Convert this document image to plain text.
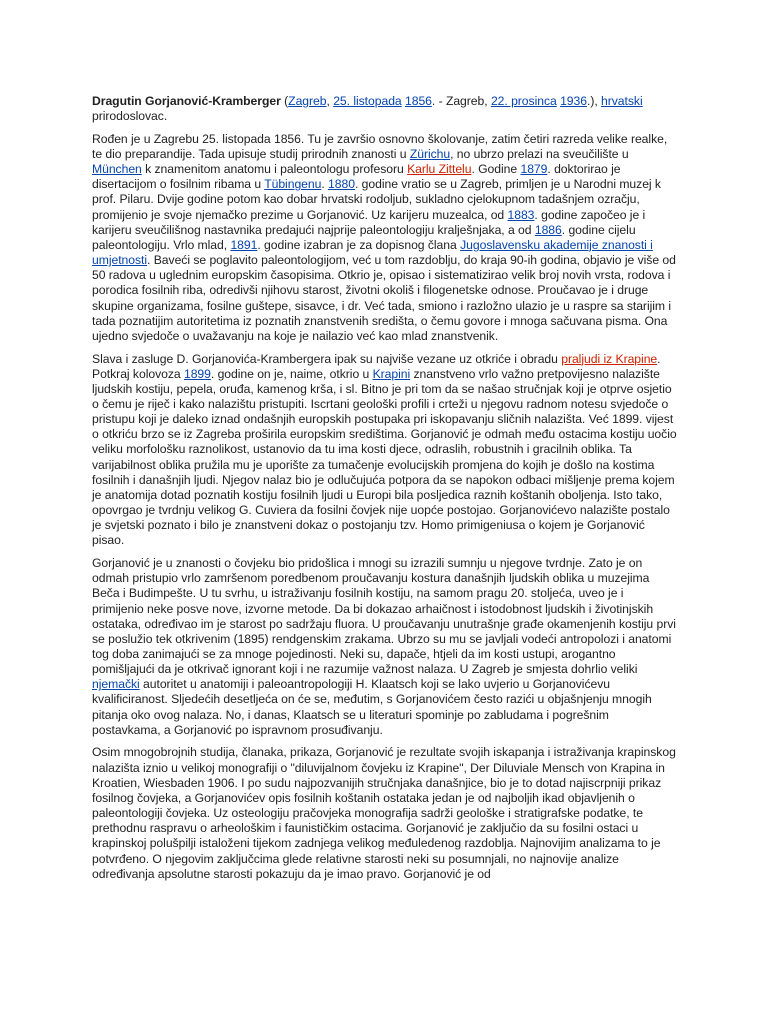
Dragutin Gorjanović-Kramberger (Zagreb, 25. listopada 1856. - Zagreb, 22. prosinca 1936.), hrvatski prirodoslovac.

Rođen je u Zagrebu 25. listopada 1856. Tu je završio osnovno školovanje, zatim četiri razreda velike realke, te dio preparandije. Tada upisuje studij prirodnih znanosti u Zürichu, no ubrzo prelazi na sveučilište u München k znamenitom anatomu i paleontologu profesoru Karlu Zittelu. Godine 1879. doktorirao je disertacijom o fosilnim ribama u Tübingenu. 1880. godine vratio se u Zagreb, primljen je u Narodni muzej k prof. Pilaru. Dvije godine potom kao dobar hrvatski rodoljub, sukladno cjelokupnom tadašnjem ozračju, promijenio je svoje njemačko prezime u Gorjanović. Uz karijeru muzealca, od 1883. godine započeo je i karijeru sveučilišnog nastavnika predajući najprije paleontologiju kralješnjaka, a od 1886. godine cijelu paleontologiju. Vrlo mlad, 1891. godine izabran je za dopisnog člana Jugoslavensku akademije znanosti i umjetnosti. Baveći se poglavito paleontologijom, već u tom razdoblju, do kraja 90-ih godina, objavio je više od 50 radova u uglednim europskim časopisima. Otkrio je, opisao i sistematizirao velik broj novih vrsta, rodova i porodica fosilnih riba, odredivši njihovu starost, životni okoliš i filogenetske odnose. Proučavao je i druge skupine organizama, fosilne gušteре, sisavce, i dr. Već tada, smiono i razložno ulazio je u rasprе sa starijim i tada poznatijim autoritetima iz poznatih znanstvenih središta, o čemu govore i mnoga sačuvana pisma. Ona ujedno svjedoče o uvažavanju na koje je nailazio već kao mlad znanstvenik.

Slava i zasluge D. Gorjanovića-Krambergera ipak su najviše vezane uz otkriće i obradu praljudi iz Krapine. Potkraj kolovoza 1899. godine on je, naime, otkrio u Krapini znanstveno vrlo važno pretpovijesno nalazište ljudskih kostiju, pepela, oruđa, kamenog krša, i sl. Bitno je pri tom da se našao stručnjak koji je otprve osjetio o čemu je riječ i kako nalazištu pristupiti. Iscrtani geološki profili i crteži u njegovu radnom notesu svjedoče o pristupu koji je daleko iznad ondašnjih europskih postupaka pri iskopavanju sličnih nalazišta. Već 1899. vijest o otkriću brzo se iz Zagreba proširila europskim središtima. Gorjanović je odmah među ostacima kostiju uočio veliku morfološku raznolikost, ustanovio da tu ima kosti djece, odraslih, robustnih i gracilnih oblika. Ta varijabilnost oblika pružila mu je uporište za tumačenje evolucijskih promjena do kojih je došlo na kostima fosilnih i današnjih ljudi. Njegov nalaz bio je odlučujuća potpora da se napokon odbaci mišljenje prema kojem je anatomija dotad poznatih kostiju fosilnih ljudi u Europi bila posljedica raznih koštanih oboljenja. Isto tako, opovrgao je tvrdnju velikog G. Cuviera da fosilni čovjek nije uopće postojao. Gorjanovićevo nalazište postalo je svjetski poznato i bilo je znanstveni dokaz o postojanju tzv. Homo primigeniusa o kojem je Gorjanović pisao.

Gorjanović je u znanosti o čovjeku bio pridošlica i mnogi su izrazili sumnju u njegove tvrdnje. Zato je on odmah pristupio vrlo zamršenom poredbenom proučavanju kostura današnjih ljudskih oblika u muzejima Beča i Budimpešte. U tu svrhu, u istraživanju fosilnih kostiju, na samom pragu 20. stoljeća, uveo je i primijenio neke posve nove, izvorne metode. Da bi dokazao arhaičnost i istodobnost ljudskih i životinjskih ostataka, određivao im je starost po sadržaju fluora. U proučavanju unutrašnje građe okamenjenih kostiju prvi se poslužio tek otkrivenim (1895) rendgenskim zrakama. Ubrzo su mu se javljali vodeći antropolozi i anatomi tog doba zanimajući se za mnoge pojedinosti. Neki su, dapače, htjeli da im kosti ustupi, arogantno pomišljajući da je otkrivač ignorant koji i ne razumije važnost nalaza. U Zagreb je smjesta dohrlio veliki njemački autoritet u anatomiji i paleoantropologiji H. Klaatsch koji se lako uvjerio u Gorjanovićevu kvalificiranost. Sljedećih desetljeća on će se, međutim, s Gorjanovićem često razići u objašnjenju mnogih pitanja oko ovog nalaza. No, i danas, Klaatsch se u literaturi spominje po zabludama i pogrešnim postavkama, a Gorjanović po ispravnom prosuđivanju.

Osim mnogobrojnih studija, članaka, prikaza, Gorjanović je rezultate svojih iskapanja i istraživanja krapinskog nalazišta iznio u velikoj monografiji o "diluvijalnom čovjeku iz Krapine", Der Diluviale Mensch von Krapina in Kroatien, Wiesbaden 1906. I po sudu najpozvanijih stručnjaka današnjice, bio je to dotad najiscrpniji prikaz fosilnog čovjeka, a Gorjanovićev opis fosilnih koštanih ostataka jedan je od najboljih ikad objavljenih o paleontologiji čovjeka. Uz osteologiju pračovjeka monografija sadrži geološke i stratigrafske podatke, te prethodnu raspravu o arheološkim i faunističkim ostacima. Gorjanović je zaključio da su fosilni ostaci u krapinskoj polušpilji istaloženi tijekom zadnjega velikog međuledenog razdoblja. Najnovijim analizama to je potvrđeno. O njegovim zaključcima glede relativne starosti neki su posumnjali, no najnovije analize određivanja apsolutne starosti pokazuju da je imao pravo. Gorjanović je od
